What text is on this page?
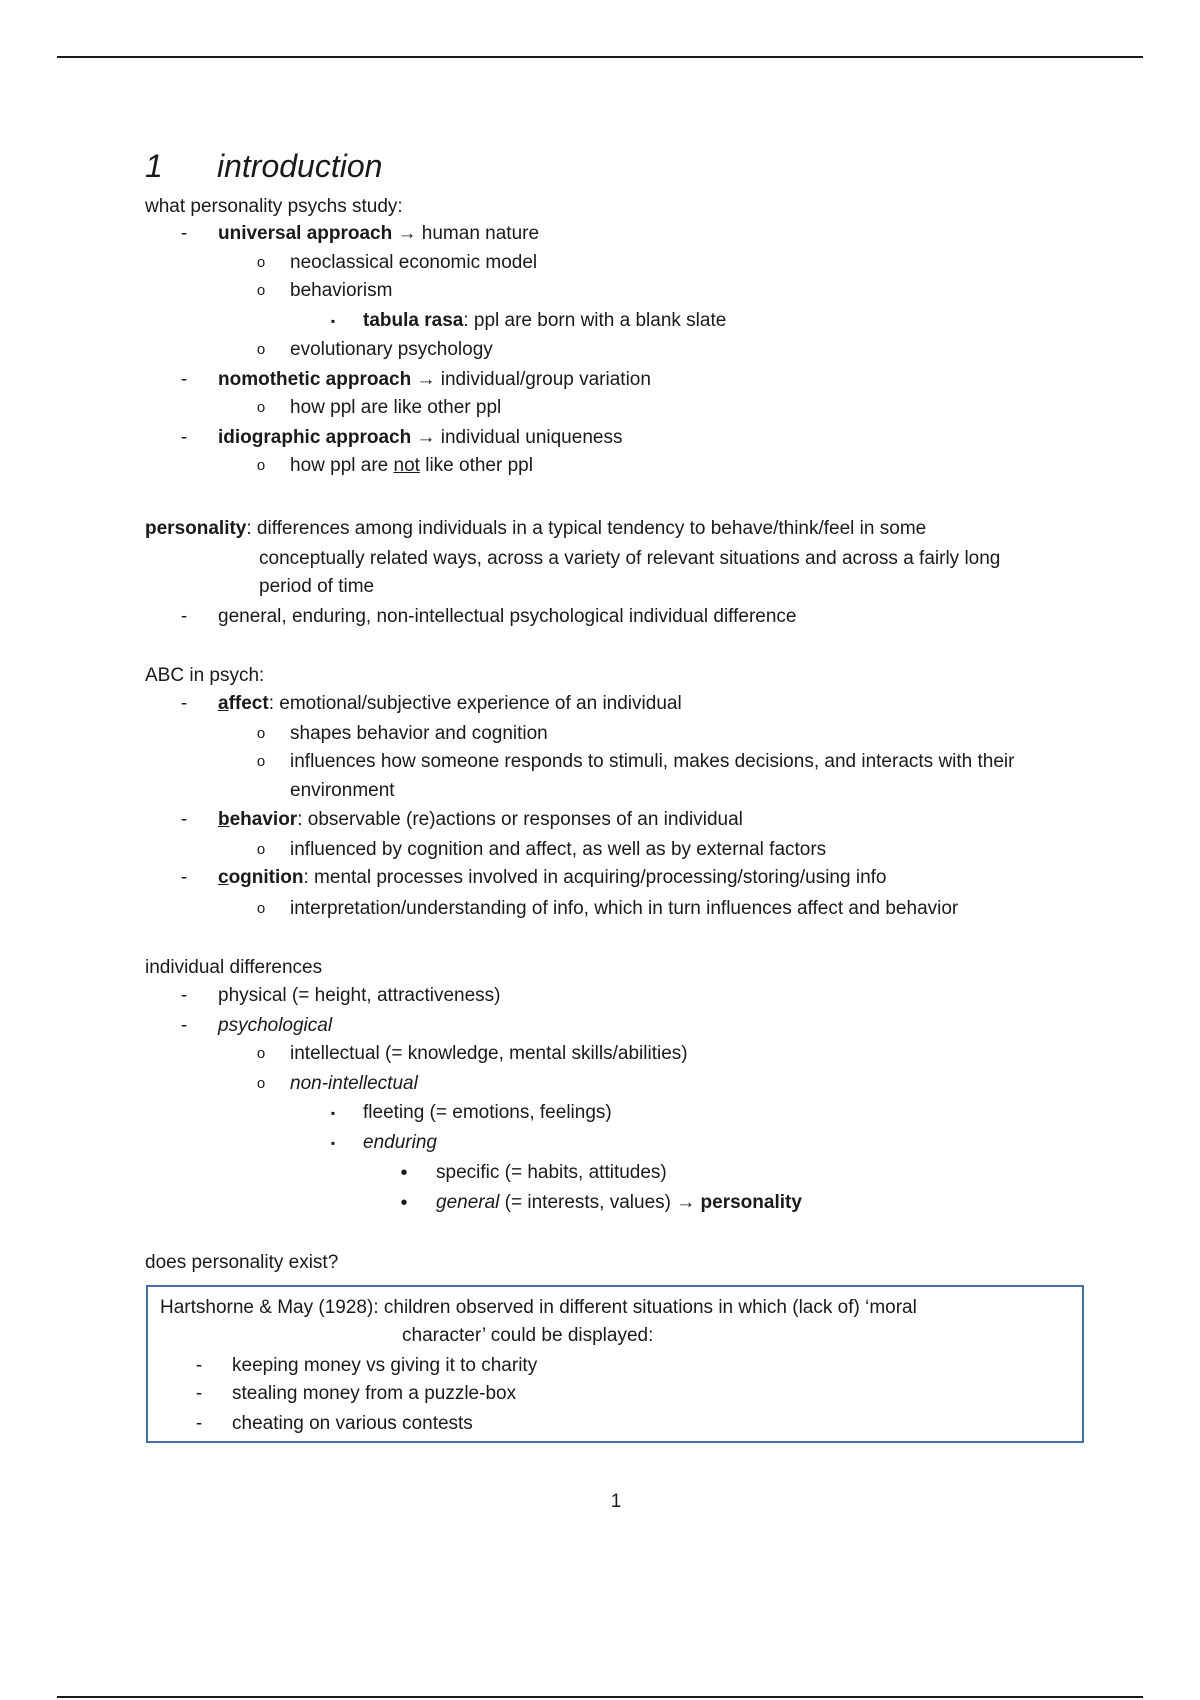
1 introduction
what personality psychs study:
-	universal approach → human nature
o	neoclassical economic model
o	behaviorism
▪	tabula rasa: ppl are born with a blank slate
o	evolutionary psychology
-	nomothetic approach → individual/group variation
o	how ppl are like other ppl
-	idiographic approach → individual uniqueness
o	how ppl are not like other ppl
personality: differences among individuals in a typical tendency to behave/think/feel in some
conceptually related ways, across a variety of relevant situations and across a fairly long
period of time
-	general, enduring, non-intellectual psychological individual difference
ABC in psych:
-	affect: emotional/subjective experience of an individual
o	shapes behavior and cognition
o	influences how someone responds to stimuli, makes decisions, and interacts with their
environment
-	behavior: observable (re)actions or responses of an individual
o	influenced by cognition and affect, as well as by external factors
-	cognition: mental processes involved in acquiring/processing/storing/using info
o	interpretation/understanding of info, which in turn influences affect and behavior
individual differences
-	physical (= height, attractiveness)
-	psychological
o	intellectual (= knowledge, mental skills/abilities)
o	non-intellectual
▪	fleeting (= emotions, feelings)
▪	enduring
•	specific (= habits, attitudes)
•	general (= interests, values) → personality
does personality exist?
Hartshorne & May (1928): children observed in different situations in which (lack of) ‘moral
character’ could be displayed:
-	keeping money vs giving it to charity
-	stealing money from a puzzle-box
-	cheating on various contests
1
